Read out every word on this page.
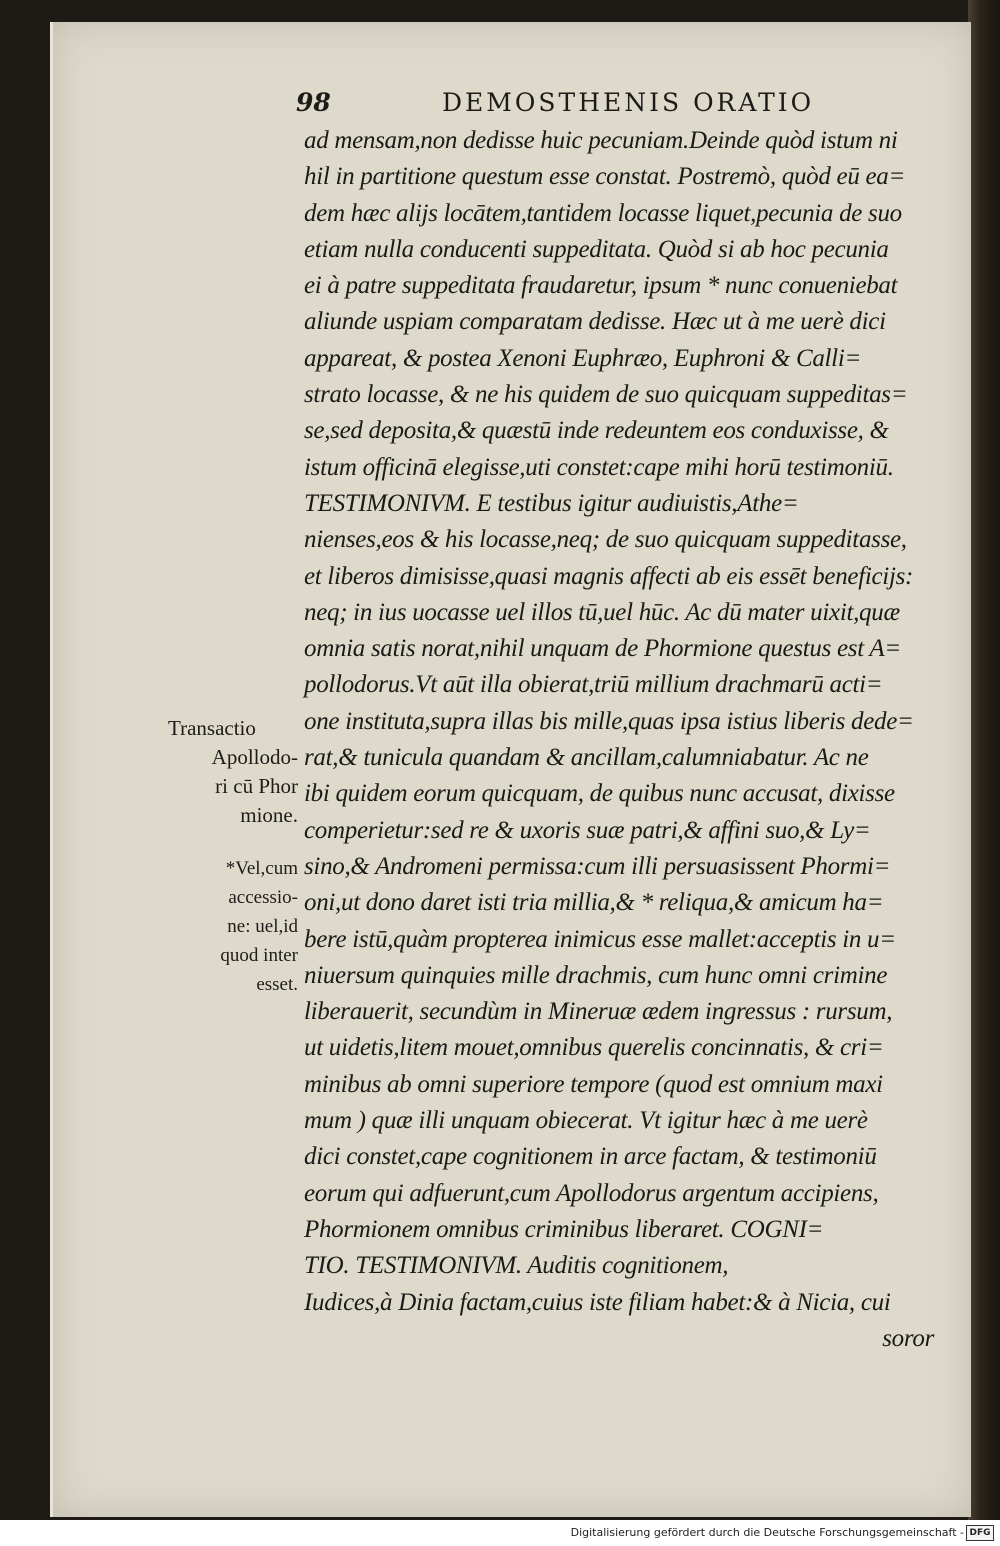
98	DEMOSTHENIS ORATIO
ad mensam,non dedisse huic pecuniam.Deinde quòd istum ni
hil in partitione questum esse constat. Postremò, quòd eū ea=
dem hæc alijs locātem,tantidem locasse liquet,pecunia de suo
etiam nulla conducenti suppeditata. Quòd si ab hoc pecunia
ei à patre suppeditata fraudaretur, ipsum * nunc conueniebat
aliunde uspiam comparatam dedisse. Hæc ut à me uerè dici
appareat, & postea Xenoni Euphræo, Euphroni & Calli=
strato locasse, & ne his quidem de suo quicquam suppeditas=
se,sed deposita,& quæstū inde redeuntem eos conduxisse, &
istum officinā elegisse,uti constet:cape mihi horū testimoniū.
TESTIMONIVM. E testibus igitur audiuistis,Athe=
nienses,eos & his locasse,neq; de suo quicquam suppeditasse,
et liberos dimisisse,quasi magnis affecti ab eis essēt beneficijs:
neq; in ius uocasse uel illos tū,uel hūc. Ac dū mater uixit,quæ
omnia satis norat,nihil unquam de Phormione questus est A=
pollodorus.Vt aūt illa obierat,triū millium drachmarū acti=
one instituta,supra illas bis mille,quas ipsa istius liberis dede=
rat,& tunicula quandam & ancillam,calumniabatur. Ac ne
ibi quidem eorum quicquam, de quibus nunc accusat, dixisse
comperietur:sed re & uxoris suæ patri,& affini suo,& Ly=
sino,& Andromeni permissa:cum illi persuasissent Phormi=
oni,ut dono daret isti tria millia,& * reliqua,& amicum ha=
bere istū,quàm propterea inimicus esse mallet:acceptis in u=
niuersum quinquies mille drachmis, cum hunc omni crimine
liberauerit, secundùm in Mineruæ ædem ingressus : rursum,
ut uidetis,litem mouet,omnibus querelis concinnatis, & cri=
minibus ab omni superiore tempore (quod est omnium maxi
mum ) quæ illi unquam obiecerat. Vt igitur hæc à me uerè
dici constet,cape cognitionem in arce factam, & testimoniū
eorum qui adfuerunt,cum Apollodorus argentum accipiens,
Phormionem omnibus criminibus liberaret. COGNI=
TIO. TESTIMONIVM. Auditis cognitionem,
Iudices,à Dinia factam,cuius iste filiam habet:& à Nicia, cui
soror
Transactio
Apollodo-
ri cū Phor
mione.
*Vel,cum
accessio-
ne: uel,id
quod inter
esset.
Digitalisierung gefördert durch die Deutsche Forschungsgemeinschaft - DFG
